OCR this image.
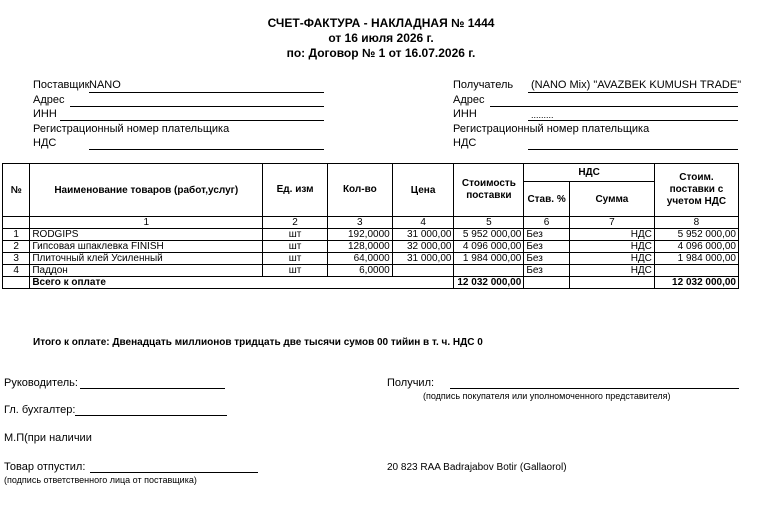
СЧЕТ-ФАКТУРА - НАКЛАДНАЯ № 1444
от 16 июля 2026 г.
по: Договор № 1 от 16.07.2026 г.
Поставщик NANO
Адрес
ИНН
Регистрационный номер плательщика
НДС
Получатель (NANO Mix) "AVAZBEK KUMUSH TRADE"
Адрес
ИНН	.........
Регистрационный номер плательщика
НДС
№	Наименование товаров (работ,услуг)	Ед. изм	Кол-во	Цена	Стоимость поставки	НДС		Стоим. поставки с учетом НДС
						Став. %	Сумма	
	1	2	3	4	5	6	7	8
1	RODGIPS	шт	192,0000	31 000,00	5 952 000,00	Без	НДС	5 952 000,00
2	Гипсовая шпаклевка FINISH	шт	128,0000	32 000,00	4 096 000,00	Без	НДС	4 096 000,00
3	Плиточный клей Усиленный	шт	64,0000	31 000,00	1 984 000,00	Без	НДС	1 984 000,00
4	Паддон	шт	6,0000			Без	НДС	
	Всего к оплате				12 032 000,00			12 032 000,00
Итого к оплате: Двенадцать миллионов тридцать две тысячи сумов 00 тийин в т. ч. НДС 0
Руководитель:	Получил:
(подпись покупателя или уполномоченного представителя)
Гл. бухгалтер:
М.П(при наличии
Товар отпустил:
(подпись ответственного лица от поставщика)
20 823 RAA Badrajabov Botir (Gallaorol)
